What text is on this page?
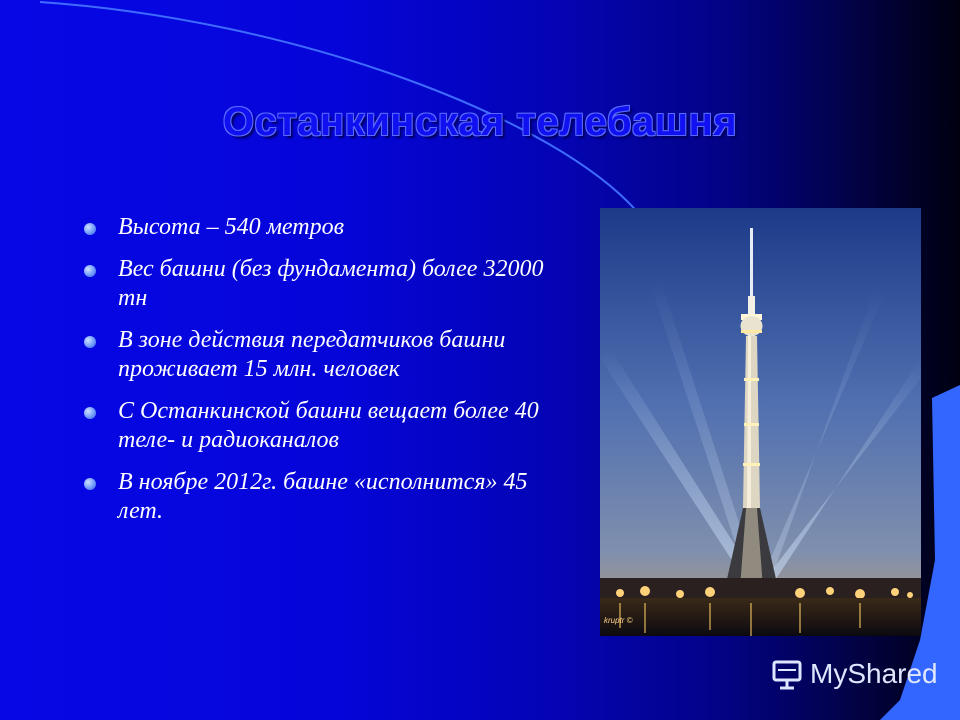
Останкинская телебашня
Высота – 540 метров
Вес башни (без фундамента) более 32000 тн
В зоне действия передатчиков башни проживает 15 млн. человек
С Останкинской башни вещает более 40 теле- и радиоканалов
В ноябре 2012г. башне «исполнится» 45 лет.
kruptr ©
MyShared
